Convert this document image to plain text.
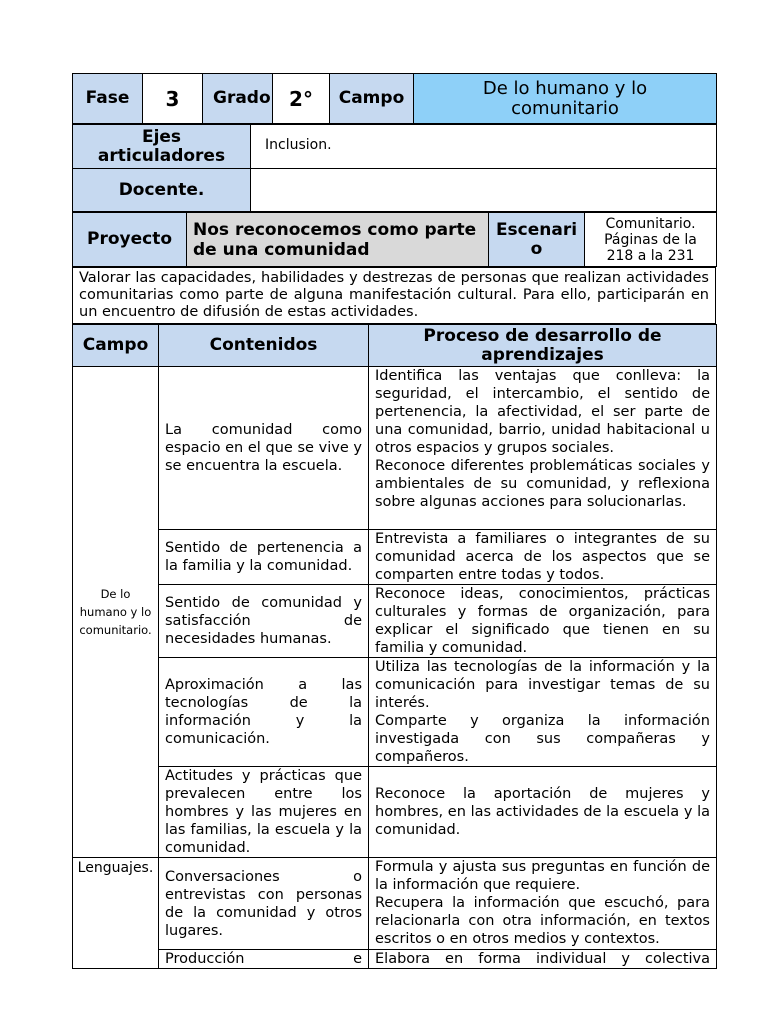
Fase	3	Grado	2°	Campo	De lo humano y lo comunitario
Ejes articuladores	Inclusion.
Docente.	
Proyecto	Nos reconocemos como parte de una comunidad	Escenario	Comunitario. Páginas de la 218 a la 231
Valorar las capacidades, habilidades y destrezas de personas que realizan actividades comunitarias como parte de alguna manifestación cultural. Para ello, participarán en un encuentro de difusión de estas actividades.
Campo	Contenidos	Proceso de desarrollo de aprendizajes
De lo humano y lo comunitario.	La comunidad como espacio en el que se vive y se encuentra la escuela.	Identifica las ventajas que conlleva: la seguridad, el intercambio, el sentido de pertenencia, la afectividad, el ser parte de una comunidad, barrio, unidad habitacional u otros espacios y grupos sociales.

Reconoce diferentes problemáticas sociales y ambientales de su comunidad, y reflexiona sobre algunas acciones para solucionarlas.

	Sentido de pertenencia a la familia y la comunidad.	Entrevista a familiares o integrantes de su comunidad acerca de los aspectos que se comparten entre todas y todos.

	Sentido de comunidad y satisfacción de necesidades humanas.	Reconoce ideas, conocimientos, prácticas culturales y formas de organización, para explicar el significado que tienen en su familia y comunidad.

	Aproximación a las tecnologías de la información y la comunicación.	Utiliza las tecnologías de la información y la comunicación para investigar temas de su interés.

Comparte y organiza la información investigada con sus compañeras y compañeros.

	Actitudes y prácticas que prevalecen entre los hombres y las mujeres en las familias, la escuela y la comunidad.	Reconoce la aportación de mujeres y hombres, en las actividades de la escuela y la comunidad.

Lenguajes.	Conversaciones o entrevistas con personas de la comunidad y otros lugares.	Formula y ajusta sus preguntas en función de la información que requiere.

Recupera la información que escuchó, para relacionarla con otra información, en textos escritos o en otros medios y contextos.

	Producción e	Elabora en forma individual y colectiva
